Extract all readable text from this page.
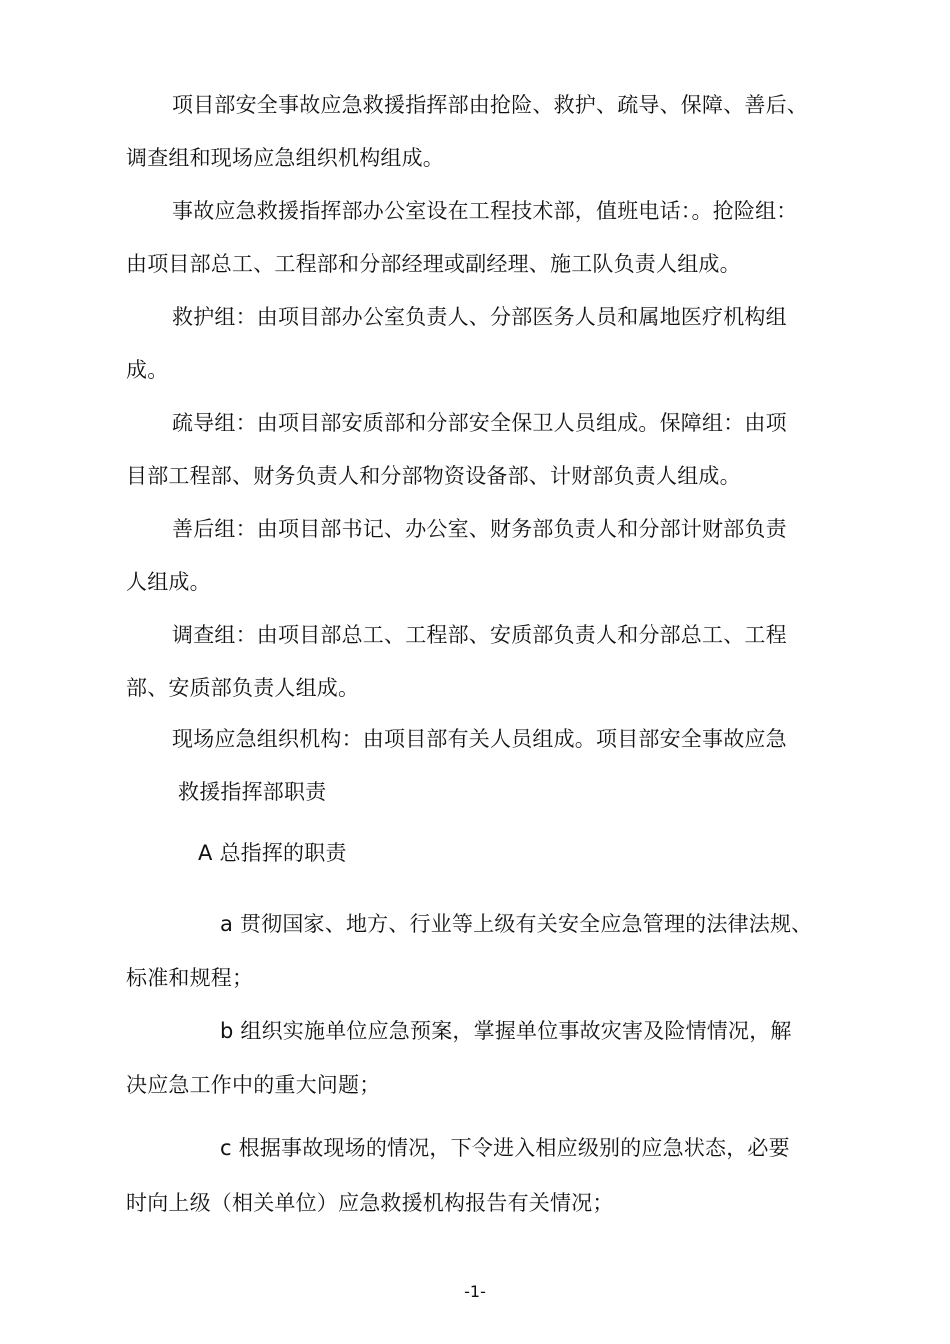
项目部安全事故应急救援指挥部由抢险、救护、疏导、保障、善后、
调查组和现场应急组织机构组成。
事故应急救援指挥部办公室设在工程技术部，值班电话：。抢险组：
由项目部总工、工程部和分部经理或副经理、施工队负责人组成。
救护组：由项目部办公室负责人、分部医务人员和属地医疗机构组
成。
疏导组：由项目部安质部和分部安全保卫人员组成。保障组：由项
目部工程部、财务负责人和分部物资设备部、计财部负责人组成。
善后组：由项目部书记、办公室、财务部负责人和分部计财部负责
人组成。
调查组：由项目部总工、工程部、安质部负责人和分部总工、工程
部、安质部负责人组成。
现场应急组织机构：由项目部有关人员组成。项目部安全事故应急
救援指挥部职责
A 总指挥的职责
a 贯彻国家、地方、行业等上级有关安全应急管理的法律法规、
标准和规程；
b 组织实施单位应急预案，掌握单位事故灾害及险情情况，解
决应急工作中的重大问题；
c 根据事故现场的情况，下令进入相应级别的应急状态，必要
时向上级（相关单位）应急救援机构报告有关情况；
-1-
